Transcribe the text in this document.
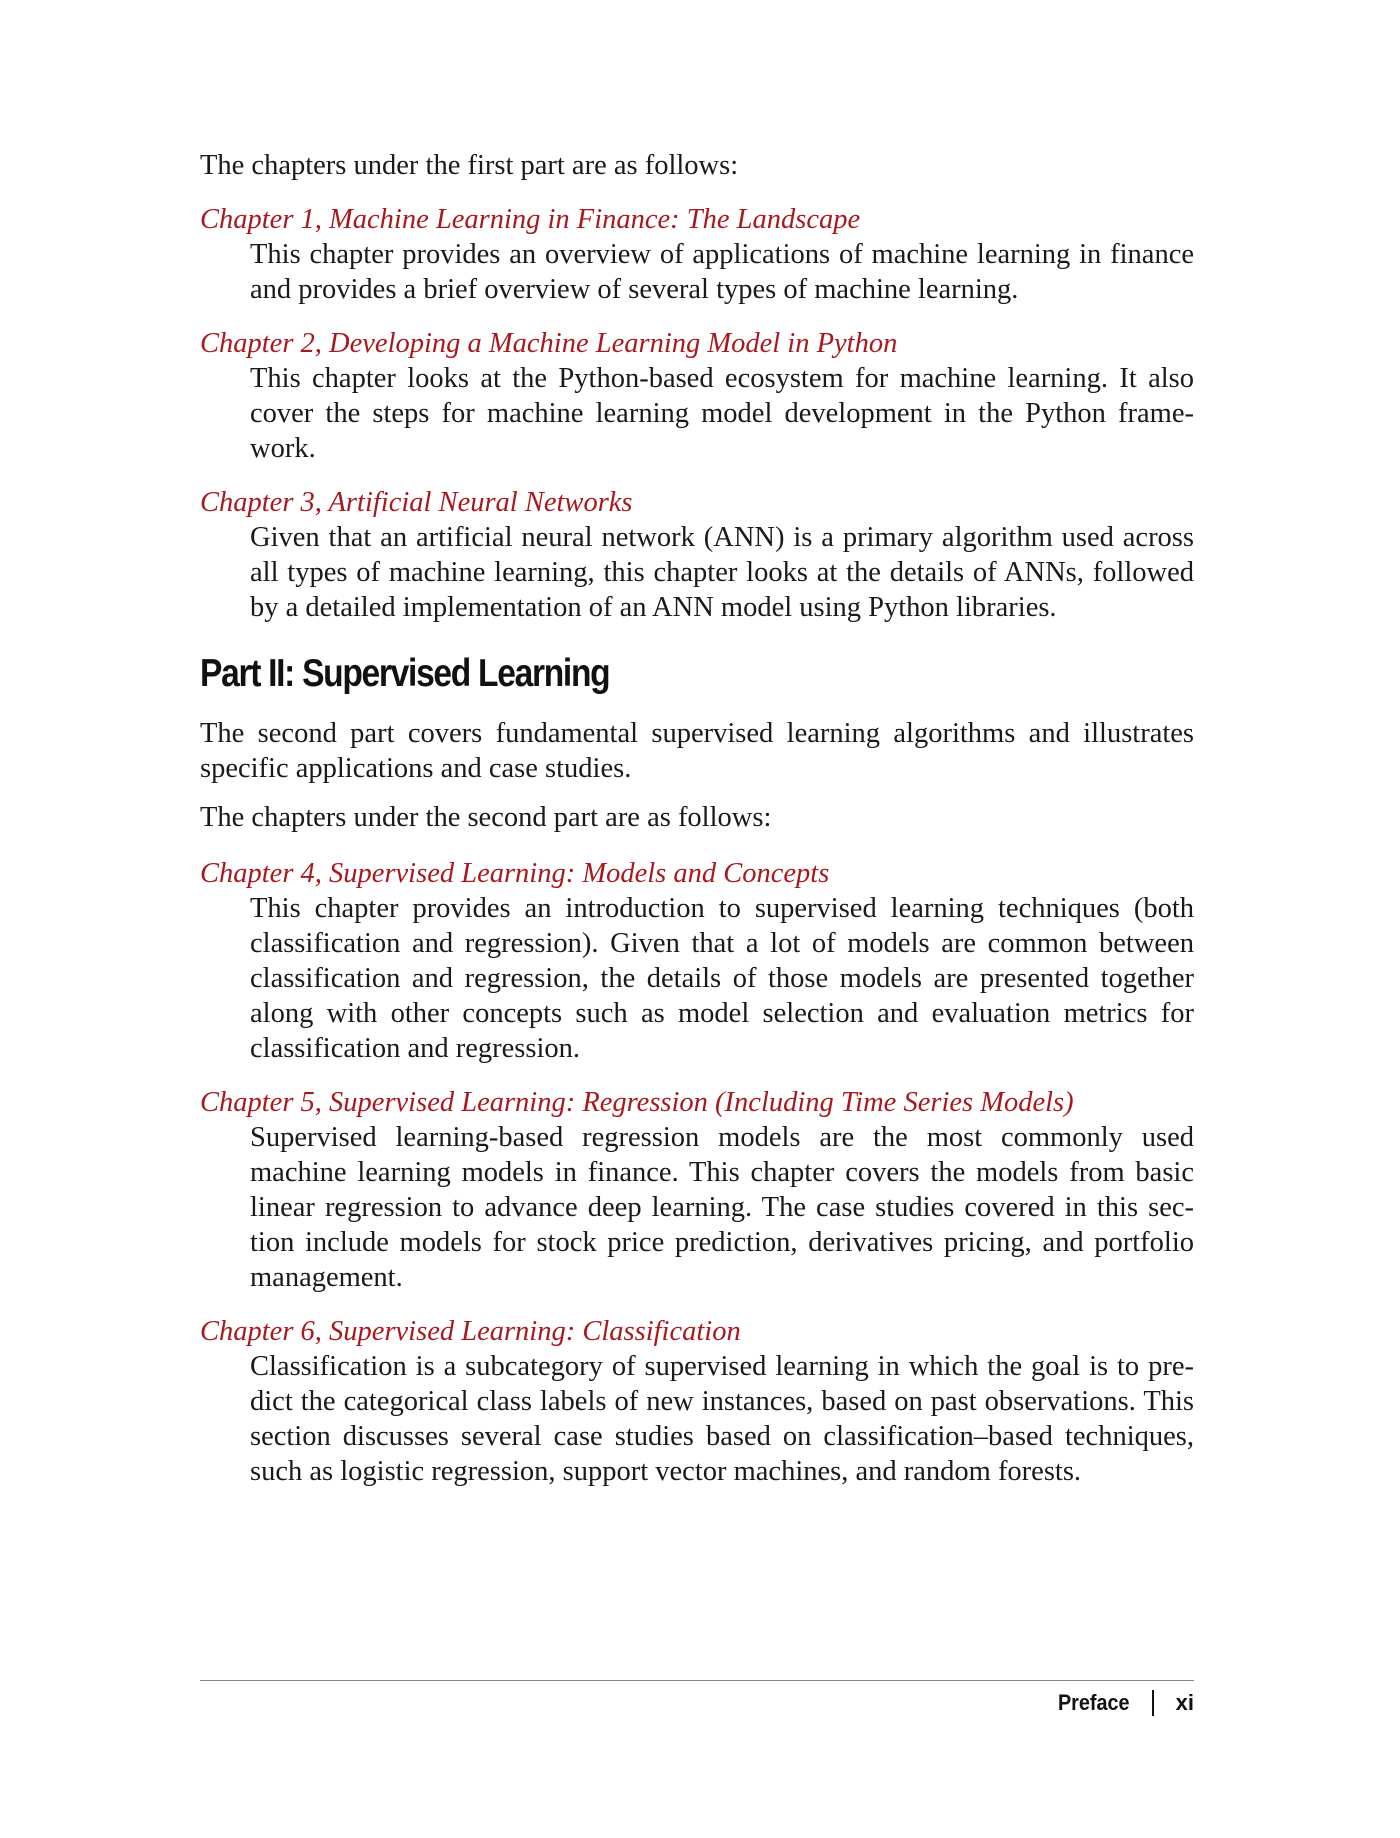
The chapters under the first part are as follows:

Chapter 1, Machine Learning in Finance: The Landscape
This chapter provides an overview of applications of machine learning in finance and provides a brief overview of several types of machine learning.
Chapter 2, Developing a Machine Learning Model in Python
This chapter looks at the Python-based ecosystem for machine learning. It also cover the steps for machine learning model development in the Python frame-work.
Chapter 3, Artificial Neural Networks
Given that an artificial neural network (ANN) is a primary algorithm used across all types of machine learning, this chapter looks at the details of ANNs, followed by a detailed implementation of an ANN model using Python libraries.
Part II: Supervised Learning

The second part covers fundamental supervised learning algorithms and illustrates specific applications and case studies.

The chapters under the second part are as follows:

Chapter 4, Supervised Learning: Models and Concepts
This chapter provides an introduction to supervised learning techniques (both classification and regression). Given that a lot of models are common between classification and regression, the details of those models are presented together along with other concepts such as model selection and evaluation metrics for classification and regression.
Chapter 5, Supervised Learning: Regression (Including Time Series Models)
Supervised learning-based regression models are the most commonly used machine learning models in finance. This chapter covers the models from basic linear regression to advance deep learning. The case studies covered in this sec-tion include models for stock price prediction, derivatives pricing, and portfolio management.
Chapter 6, Supervised Learning: Classification
Classification is a subcategory of supervised learning in which the goal is to pre-dict the categorical class labels of new instances, based on past observations. This section discusses several case studies based on classification–based techniques, such as logistic regression, support vector machines, and random forests.
Preface xi
